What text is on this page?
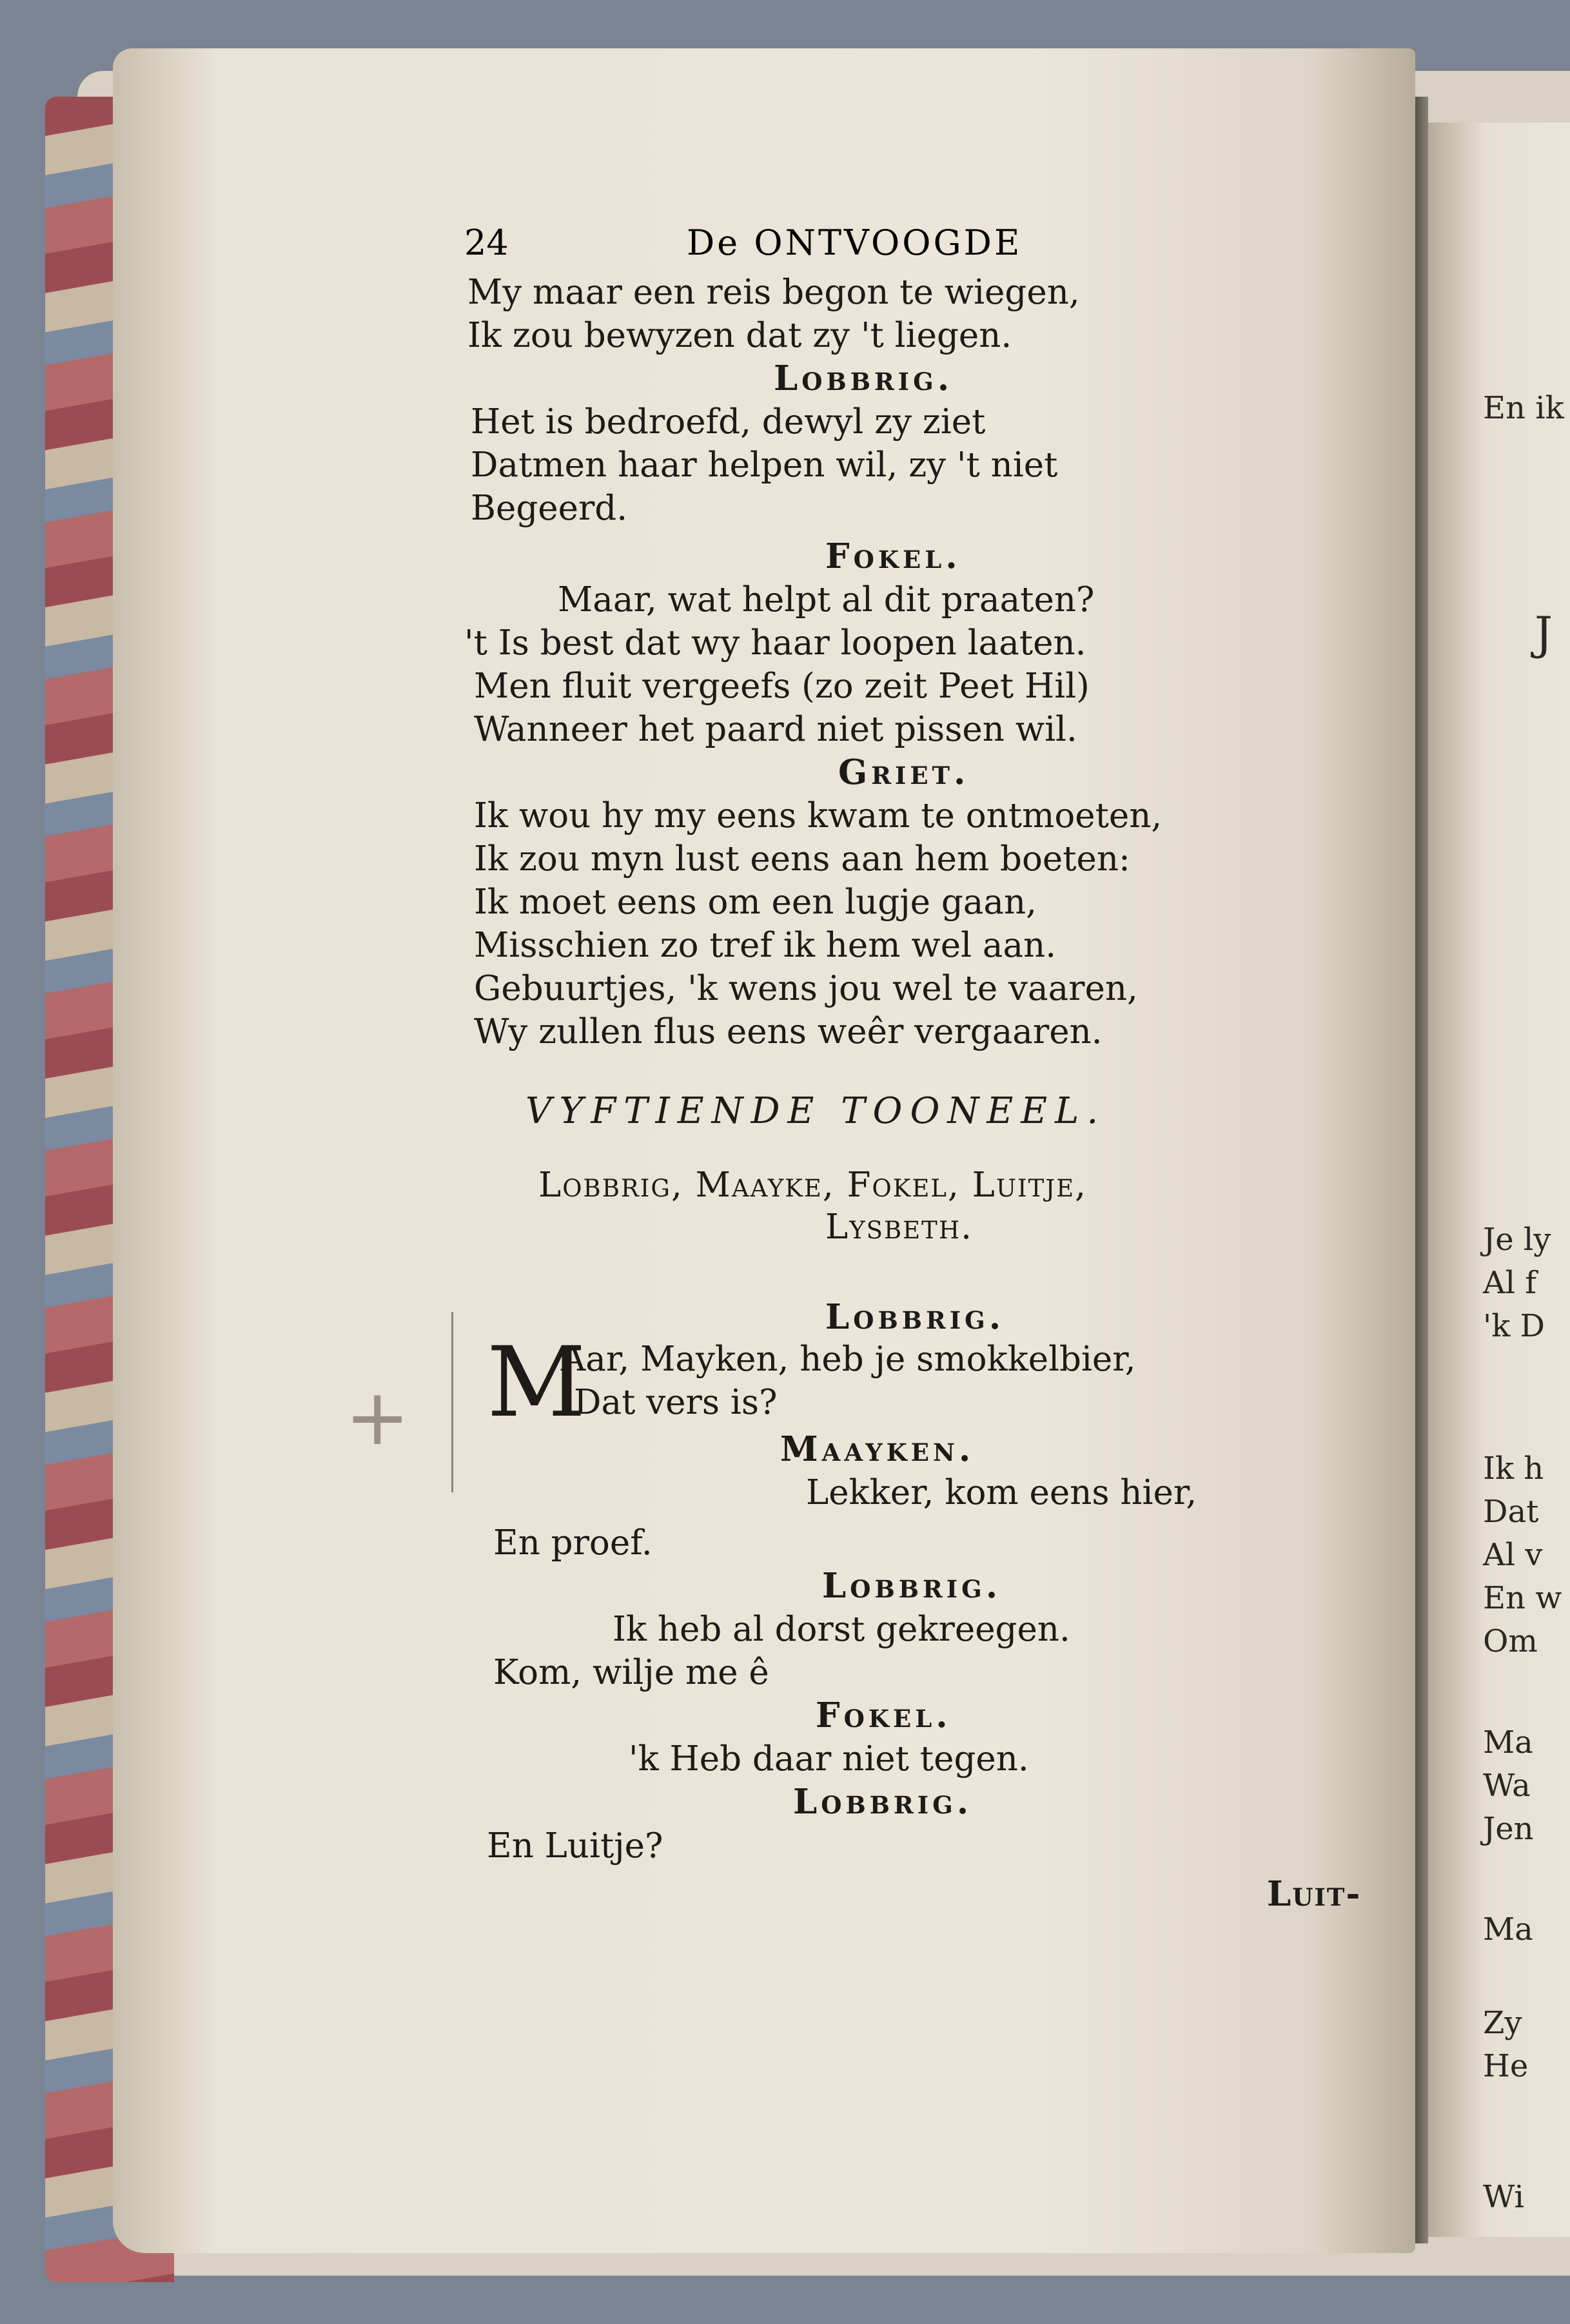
En ik
J
Je ly
Al f
'k D
Ik h
Dat
Al v
En w
Om
Ma
Wa
Jen
Ma
Zy
He
Wi
24	De ONTVOOGDE
My maar een reis begon te wiegen,
Ik zou bewyzen dat zy 't liegen.
Lobbrig.
Het is bedroefd, dewyl zy ziet
Datmen haar helpen wil, zy 't niet
Begeerd.
Fokel.
Maar, wat helpt al dit praaten?
't Is best dat wy haar loopen laaten.
Men fluit vergeefs (zo zeit Peet Hil)
Wanneer het paard niet pissen wil.
Griet.
Ik wou hy my eens kwam te ontmoeten,
Ik zou myn lust eens aan hem boeten:
Ik moet eens om een lugje gaan,
Misschien zo tref ik hem wel aan.
Gebuurtjes, 'k wens jou wel te vaaren,
Wy zullen flus eens weêr vergaaren.
VYFTIENDE TOONEEL.
Lobbrig, Maayke, Fokel, Luitje,
Lysbeth.
Lobbrig.
Aar, Mayken, heb je smokkelbier,
Dat vers is?
Maayken.
Lekker, kom eens hier,
En proef.
Lobbrig.
Ik heb al dorst gekreegen.
Kom, wilje me ê
Fokel.
'k Heb daar niet tegen.
Lobbrig.
En Luitje?
Luit-
M
+
